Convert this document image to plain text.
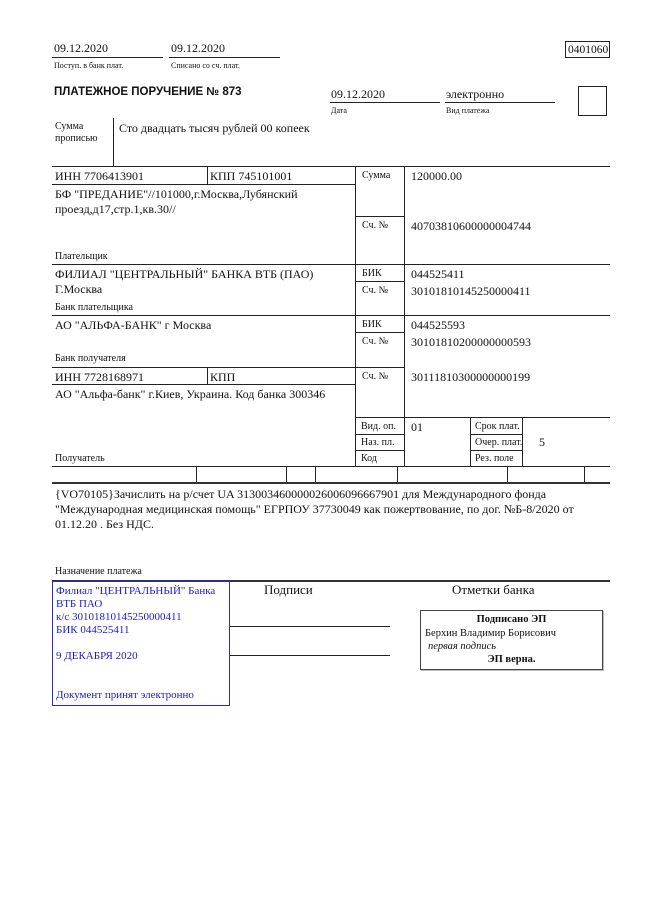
0401060
09.12.2020
Поступ. в банк плат.
09.12.2020
Списано со сч. плат.
ПЛАТЕЖНОЕ ПОРУЧЕНИЕ № 873	09.12.2020
Дата
электронно
Вид платежа
Сумма
прописью
Сто двадцать тысяч рублей 00 копеек
ИНН 7706413901	КПП 745101001
БФ "ПРЕДАНИЕ"//101000,г.Москва,Лубянский
проезд,д17,стр.1,кв.30//
Плательщик
Сумма 120000.00
Сч. № 40703810600000004744
ФИЛИАЛ "ЦЕНТРАЛЬНЫЙ" БАНКА ВТБ (ПАО)
Г.Москва
Банк плательщика
БИК 044525411
Сч. № 30101810145250000411
АО "АЛЬФА-БАНК" г Москва
Банк получателя
БИК 044525593
Сч. № 30101810200000000593
ИНН 7728168971	КПП
АО "Альфа-банк" г.Киев, Украина. Код банка 300346
Получатель
Сч. № 30111810300000000199
Вид. оп. 01
Наз. пл.
Код
Срок плат.
Очер. плат. 5
Рез. поле
{VO70105}Зачислить на р/счет UA 313003460000026006096667901 для Международного фонда
"Международная медицинская помощь" ЕГРПОУ 37730049 как пожертвование, по дог. №Б-8/2020 от
01.12.20 . Без НДС.
Назначение платежа
Филиал "ЦЕНТРАЛЬНЫЙ" Банка
ВТБ ПАО
к/с 30101810145250000411
БИК 044525411
9 ДЕКАБРЯ 2020
Документ принят электронно
Подписи	Отметки банка
Подписано ЭП
Берхин Владимир Борисович
первая подпись
ЭП верна.
